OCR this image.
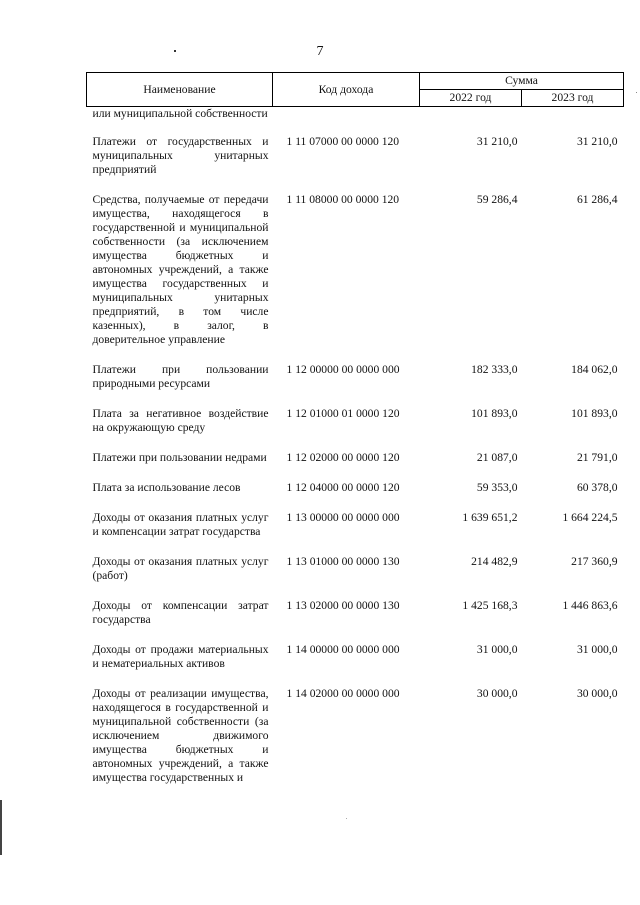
7
Наименование	Код дохода	Сумма	
		2022 год	2023 год
или муниципальной собственности			
Платежи от государственных и муниципальных унитарных предприятий	1 11 07000 00 0000 120	31 210,0	31 210,0
Средства, получаемые от передачи имущества, находящегося в государственной и муниципальной собственности (за исключением имущества бюджетных и автономных учреждений, а также имущества государственных и муниципальных унитарных предприятий, в том числе казенных), в залог, в доверительное управление	1 11 08000 00 0000 120	59 286,4	61 286,4
Платежи при пользовании природными ресурсами	1 12 00000 00 0000 000	182 333,0	184 062,0
Плата за негативное воздействие на окружающую среду	1 12 01000 01 0000 120	101 893,0	101 893,0
Платежи при пользовании недрами	1 12 02000 00 0000 120	21 087,0	21 791,0
Плата за использование лесов	1 12 04000 00 0000 120	59 353,0	60 378,0
Доходы от оказания платных услуг и компенсации затрат государства	1 13 00000 00 0000 000	1 639 651,2	1 664 224,5
Доходы от оказания платных услуг (работ)	1 13 01000 00 0000 130	214 482,9	217 360,9
Доходы от компенсации затрат государства	1 13 02000 00 0000 130	1 425 168,3	1 446 863,6
Доходы от продажи материальных и нематериальных активов	1 14 00000 00 0000 000	31 000,0	31 000,0
Доходы от реализации имущества, находящегося в государственной и муниципальной собственности (за исключением движимого имущества бюджетных и автономных учреждений, а также имущества государственных и	1 14 02000 00 0000 000	30 000,0	30 000,0
